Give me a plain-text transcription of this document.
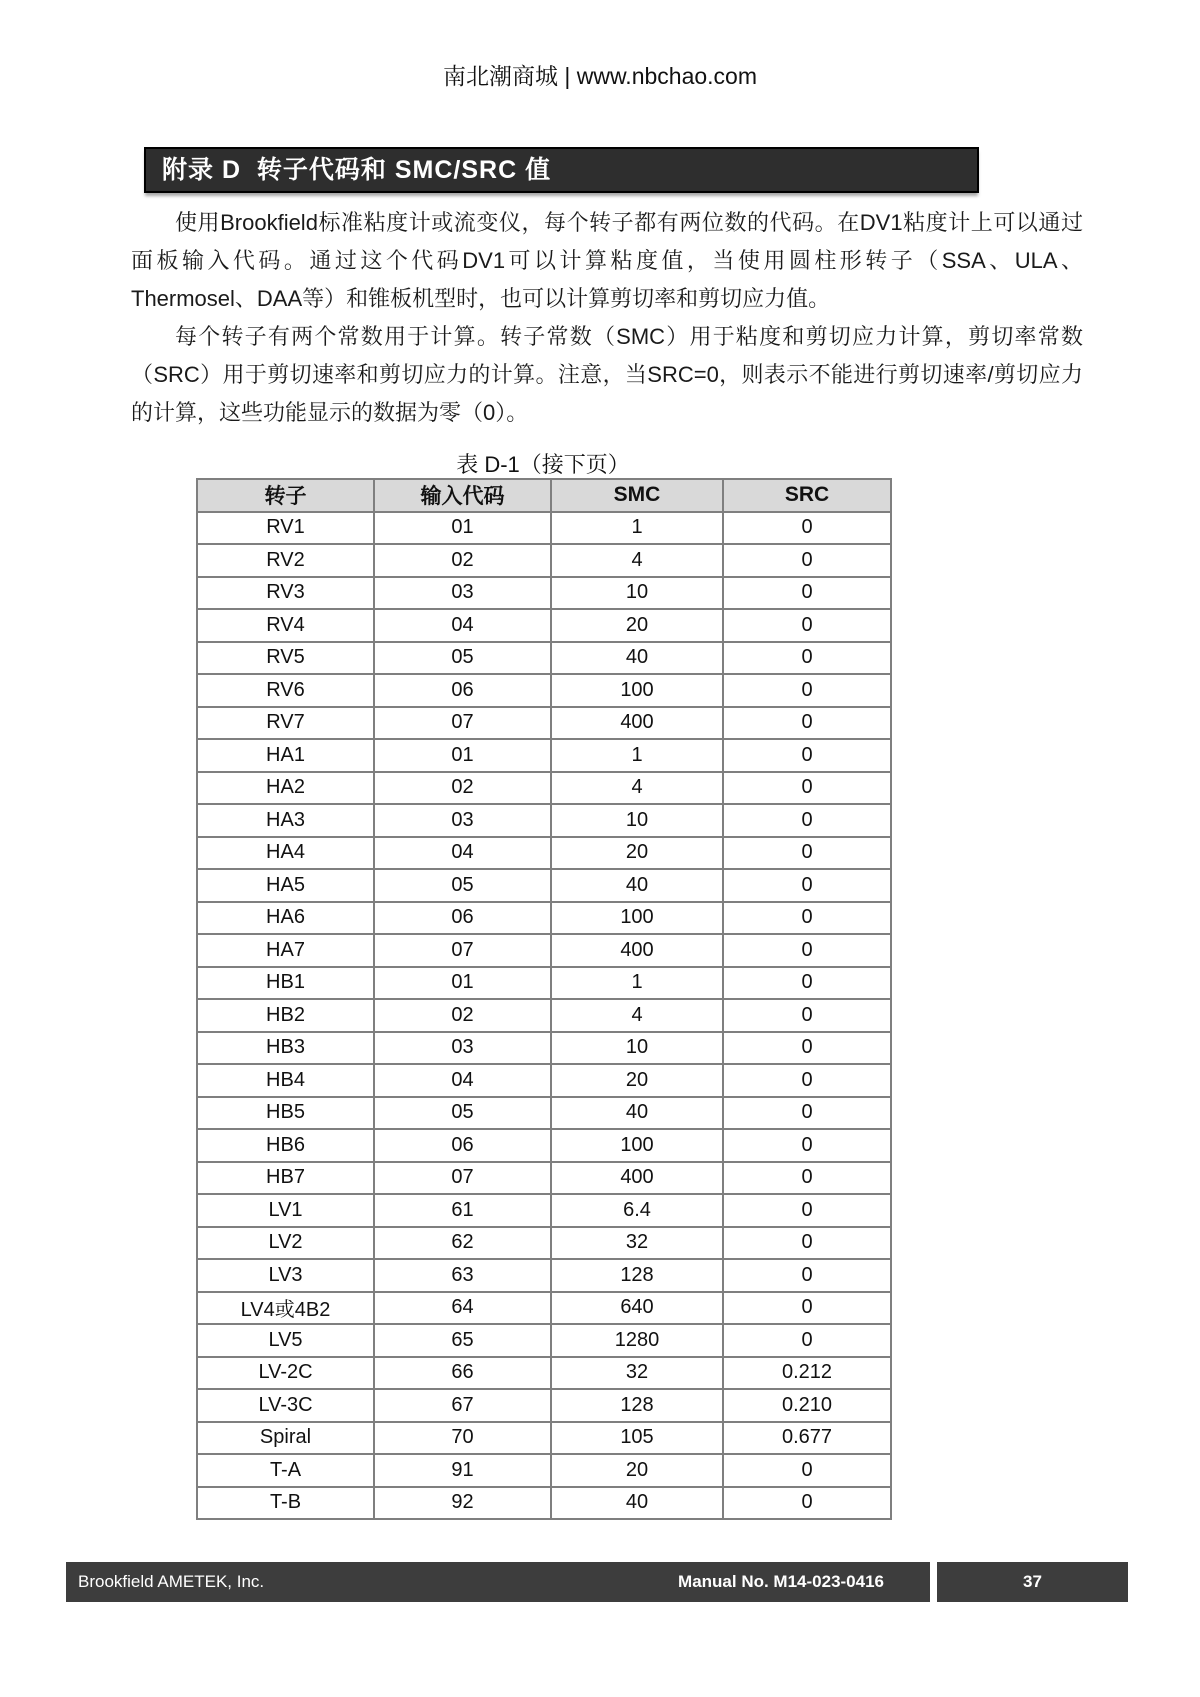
南北潮商城 | www.nbchao.com
附录 D  转子代码和 SMC/SRC 值

使用Brookfield标准粘度计或流变仪，每个转子都有两位数的代码。在DV1粘度计上可以通过面板输入代码。通过这个代码DV1可以计算粘度值，当使用圆柱形转子（SSA、ULA、Thermosel、DAA等）和锥板机型时，也可以计算剪切率和剪切应力值。

每个转子有两个常数用于计算。转子常数（SMC）用于粘度和剪切应力计算，剪切率常数（SRC）用于剪切速率和剪切应力的计算。注意，当SRC=0，则表示不能进行剪切速率/剪切应力的计算，这些功能显示的数据为零（0）。

表 D-1（接下页）
转子	输入代码	SMC	SRC
RV1	01	1	0
RV2	02	4	0
RV3	03	10	0
RV4	04	20	0
RV5	05	40	0
RV6	06	100	0
RV7	07	400	0
HA1	01	1	0
HA2	02	4	0
HA3	03	10	0
HA4	04	20	0
HA5	05	40	0
HA6	06	100	0
HA7	07	400	0
HB1	01	1	0
HB2	02	4	0
HB3	03	10	0
HB4	04	20	0
HB5	05	40	0
HB6	06	100	0
HB7	07	400	0
LV1	61	6.4	0
LV2	62	32	0
LV3	63	128	0
LV4或4B2	64	640	0
LV5	65	1280	0
LV-2C	66	32	0.212
LV-3C	67	128	0.210
Spiral	70	105	0.677
T-A	91	20	0
T-B	92	40	0
Brookfield AMETEK, Inc.	Manual No. M14-023-0416	37
